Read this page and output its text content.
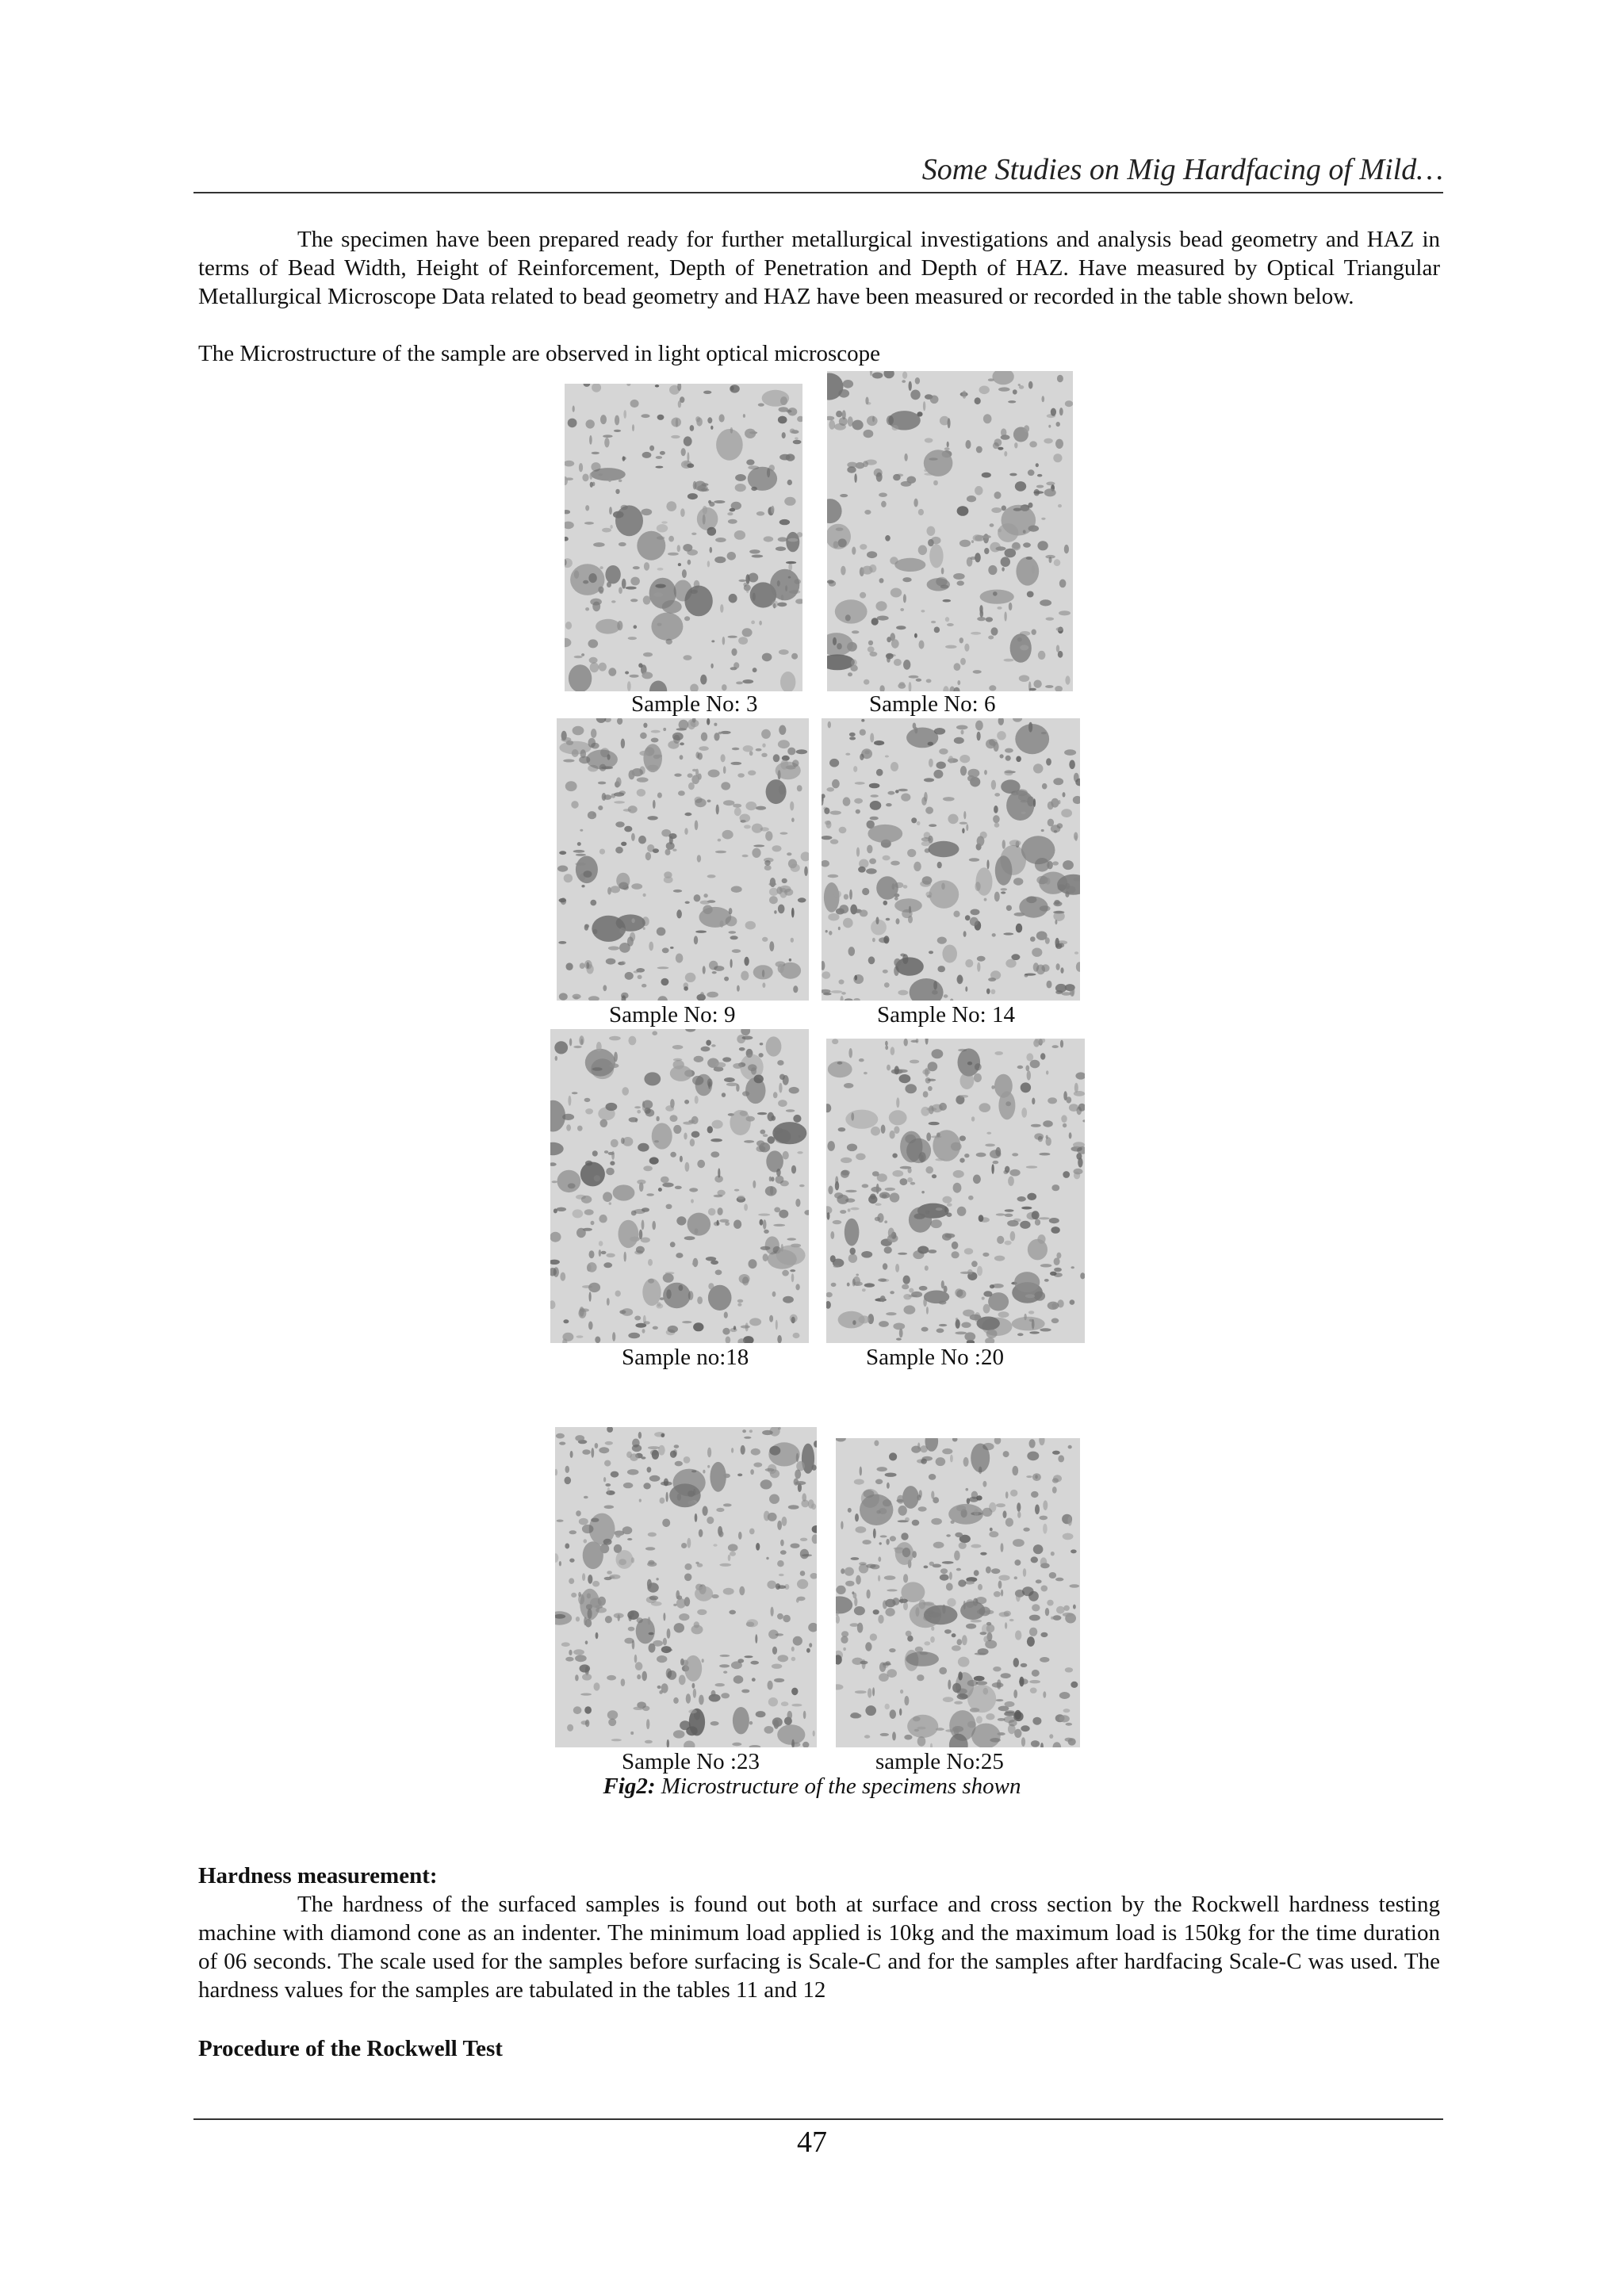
Some Studies on Mig Hardfacing of Mild…

The specimen have been prepared ready for further metallurgical investigations and analysis bead geometry and HAZ in terms of Bead Width, Height of Reinforcement, Depth of Penetration and Depth of HAZ. Have measured by Optical Triangular Metallurgical Microscope Data related to bead geometry and HAZ have been measured or recorded in the table shown below.

The Microstructure of the sample are observed in light optical microscope

Sample No: 3	Sample No: 6
Sample No: 9	Sample No: 14
Sample no:18	Sample No :20
Sample No :23	sample No:25
Fig2: Microstructure of the specimens shown
Hardness measurement:

The hardness of the surfaced samples is found out both at surface and cross section by the Rockwell hardness testing machine with diamond cone as an indenter. The minimum load applied is 10kg and the maximum load is 150kg for the time duration of 06 seconds. The scale used for the samples before surfacing is Scale-C and for the samples after hardfacing Scale-C was used. The hardness values for the samples are tabulated in the tables 11 and 12

Procedure of the Rockwell Test
47
